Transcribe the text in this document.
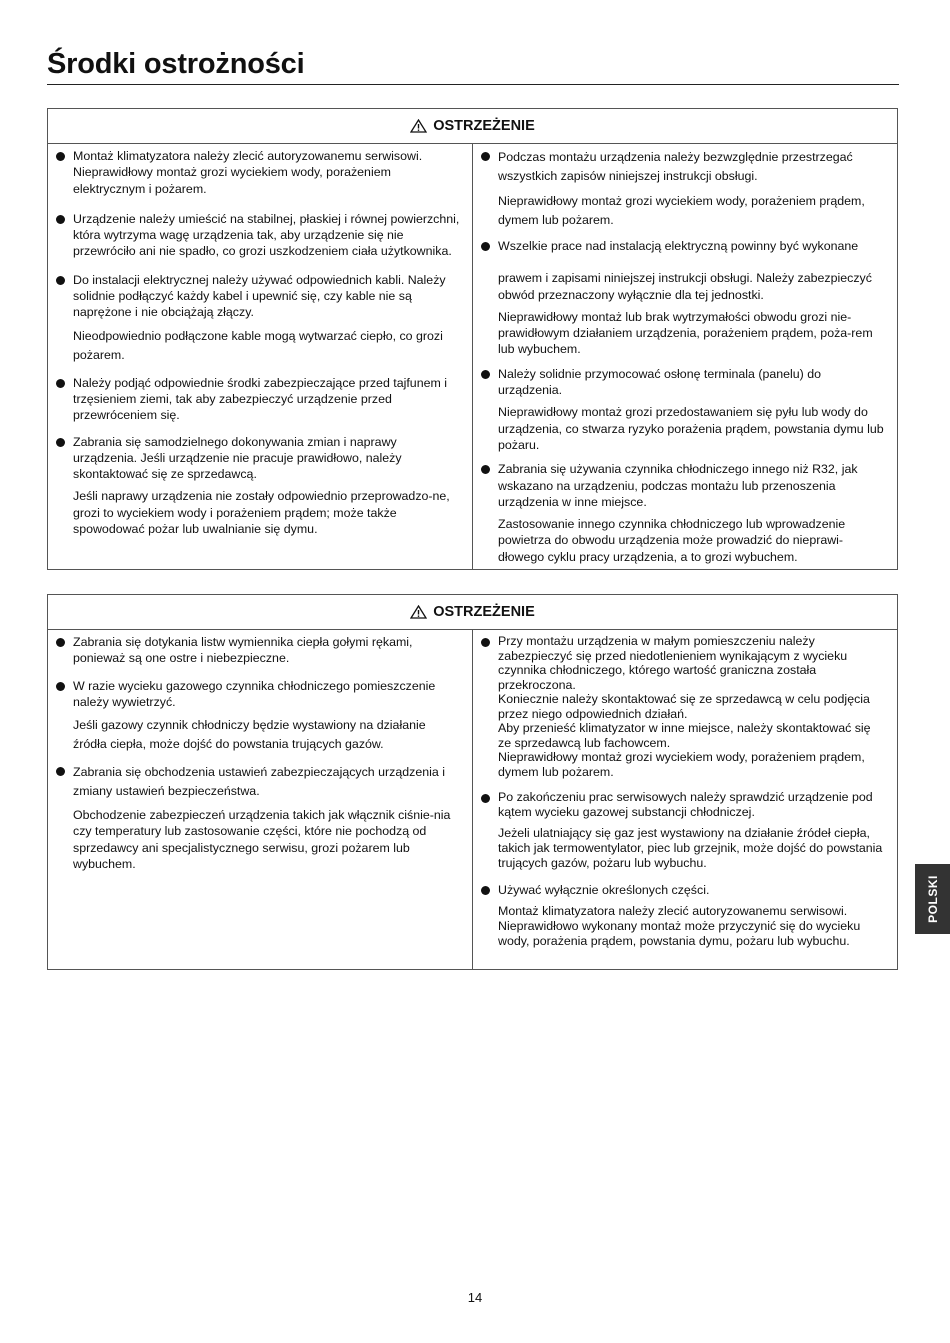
Środki ostrożności
OSTRZEŻENIE

Montaż klimatyzatora należy zlecić autoryzowanemu serwisowi.

Nieprawidłowy montaż grozi wyciekiem wody, porażeniem elektrycznym i pożarem.

Urządzenie należy umieścić na stabilnej, płaskiej i równej powierzchni, która wytrzyma wagę urządzenia tak, aby urządzenie się nie przewróciło ani nie spadło, co grozi uszkodzeniem ciała użytkownika.

Do instalacji elektrycznej należy używać odpowiednich kabli. Należy solidnie podłączyć każdy kabel i upewnić się, czy kable nie są naprężone i nie obciążają złączy.

Nieodpowiednio podłączone kable mogą wytwarzać ciepło, co grozi pożarem.

Należy podjąć odpowiednie środki zabezpieczające przed tajfunem i trzęsieniem ziemi, tak aby zabezpieczyć urządzenie przed przewróceniem się.

Zabrania się samodzielnego dokonywania zmian i naprawy urządzenia. Jeśli urządzenie nie pracuje prawidłowo, należy skontaktować się ze sprzedawcą.

Jeśli naprawy urządzenia nie zostały odpowiednio przeprowadzo-ne, grozi to wyciekiem wody i porażeniem prądem; może także spowodować pożar lub uwalnianie się dymu.

Podczas montażu urządzenia należy bezwzględnie przestrzegać wszystkich zapisów niniejszej instrukcji obsługi.

Nieprawidłowy montaż grozi wyciekiem wody, porażeniem prądem, dymem lub pożarem.

Wszelkie prace nad instalacją elektryczną powinny być wykonane

prawem i zapisami niniejszej instrukcji obsługi. Należy zabezpieczyć obwód przeznaczony wyłącznie dla tej jednostki.

Nieprawidłowy montaż lub brak wytrzymałości obwodu grozi nie-prawidłowym działaniem urządzenia, porażeniem prądem, poża-rem lub wybuchem.

Należy solidnie przymocować osłonę terminala (panelu) do urządzenia.

Nieprawidłowy montaż grozi przedostawaniem się pyłu lub wody do urządzenia, co stwarza ryzyko porażenia prądem, powstania dymu lub pożaru.

Zabrania się używania czynnika chłodniczego innego niż R32, jak wskazano na urządzeniu, podczas montażu lub przenoszenia urządzenia w inne miejsce.

Zastosowanie innego czynnika chłodniczego lub wprowadzenie powietrza do obwodu urządzenia może prowadzić do nieprawi-dłowego cyklu pracy urządzenia, a to grozi wybuchem.

OSTRZEŻENIE

Zabrania się dotykania listw wymiennika ciepła gołymi rękami, ponieważ są one ostre i niebezpieczne.

W razie wycieku gazowego czynnika chłodniczego pomieszczenie należy wywietrzyć.

Jeśli gazowy czynnik chłodniczy będzie wystawiony na działanie źródła ciepła, może dojść do powstania trujących gazów.

Zabrania się obchodzenia ustawień zabezpieczających urządzenia i zmiany ustawień bezpieczeństwa.

Obchodzenie zabezpieczeń urządzenia takich jak włącznik ciśnie-nia czy temperatury lub zastosowanie części, które nie pochodzą od sprzedawcy ani specjalistycznego serwisu, grozi pożarem lub wybuchem.

Przy montażu urządzenia w małym pomieszczeniu należy zabezpieczyć się przed niedotlenieniem wynikającym z wycieku czynnika chłodniczego, którego wartość graniczna została przekroczona.

Koniecznie należy skontaktować się ze sprzedawcą w celu podjęcia przez niego odpowiednich działań.

Aby przenieść klimatyzator w inne miejsce, należy skontaktować się ze sprzedawcą lub fachowcem.

Nieprawidłowy montaż grozi wyciekiem wody, porażeniem prądem, dymem lub pożarem.

Po zakończeniu prac serwisowych należy sprawdzić urządzenie pod kątem wycieku gazowej substancji chłodniczej.

Jeżeli ulatniający się gaz jest wystawiony na działanie źródeł ciepła, takich jak termowentylator, piec lub grzejnik, może dojść do powstania trujących gazów, pożaru lub wybuchu.

Używać wyłącznie określonych części.

Montaż klimatyzatora należy zlecić autoryzowanemu serwisowi. Nieprawidłowo wykonany montaż może przyczynić się do wycieku wody, porażenia prądem, powstania dymu, pożaru lub wybuchu.

POLSKI
14
